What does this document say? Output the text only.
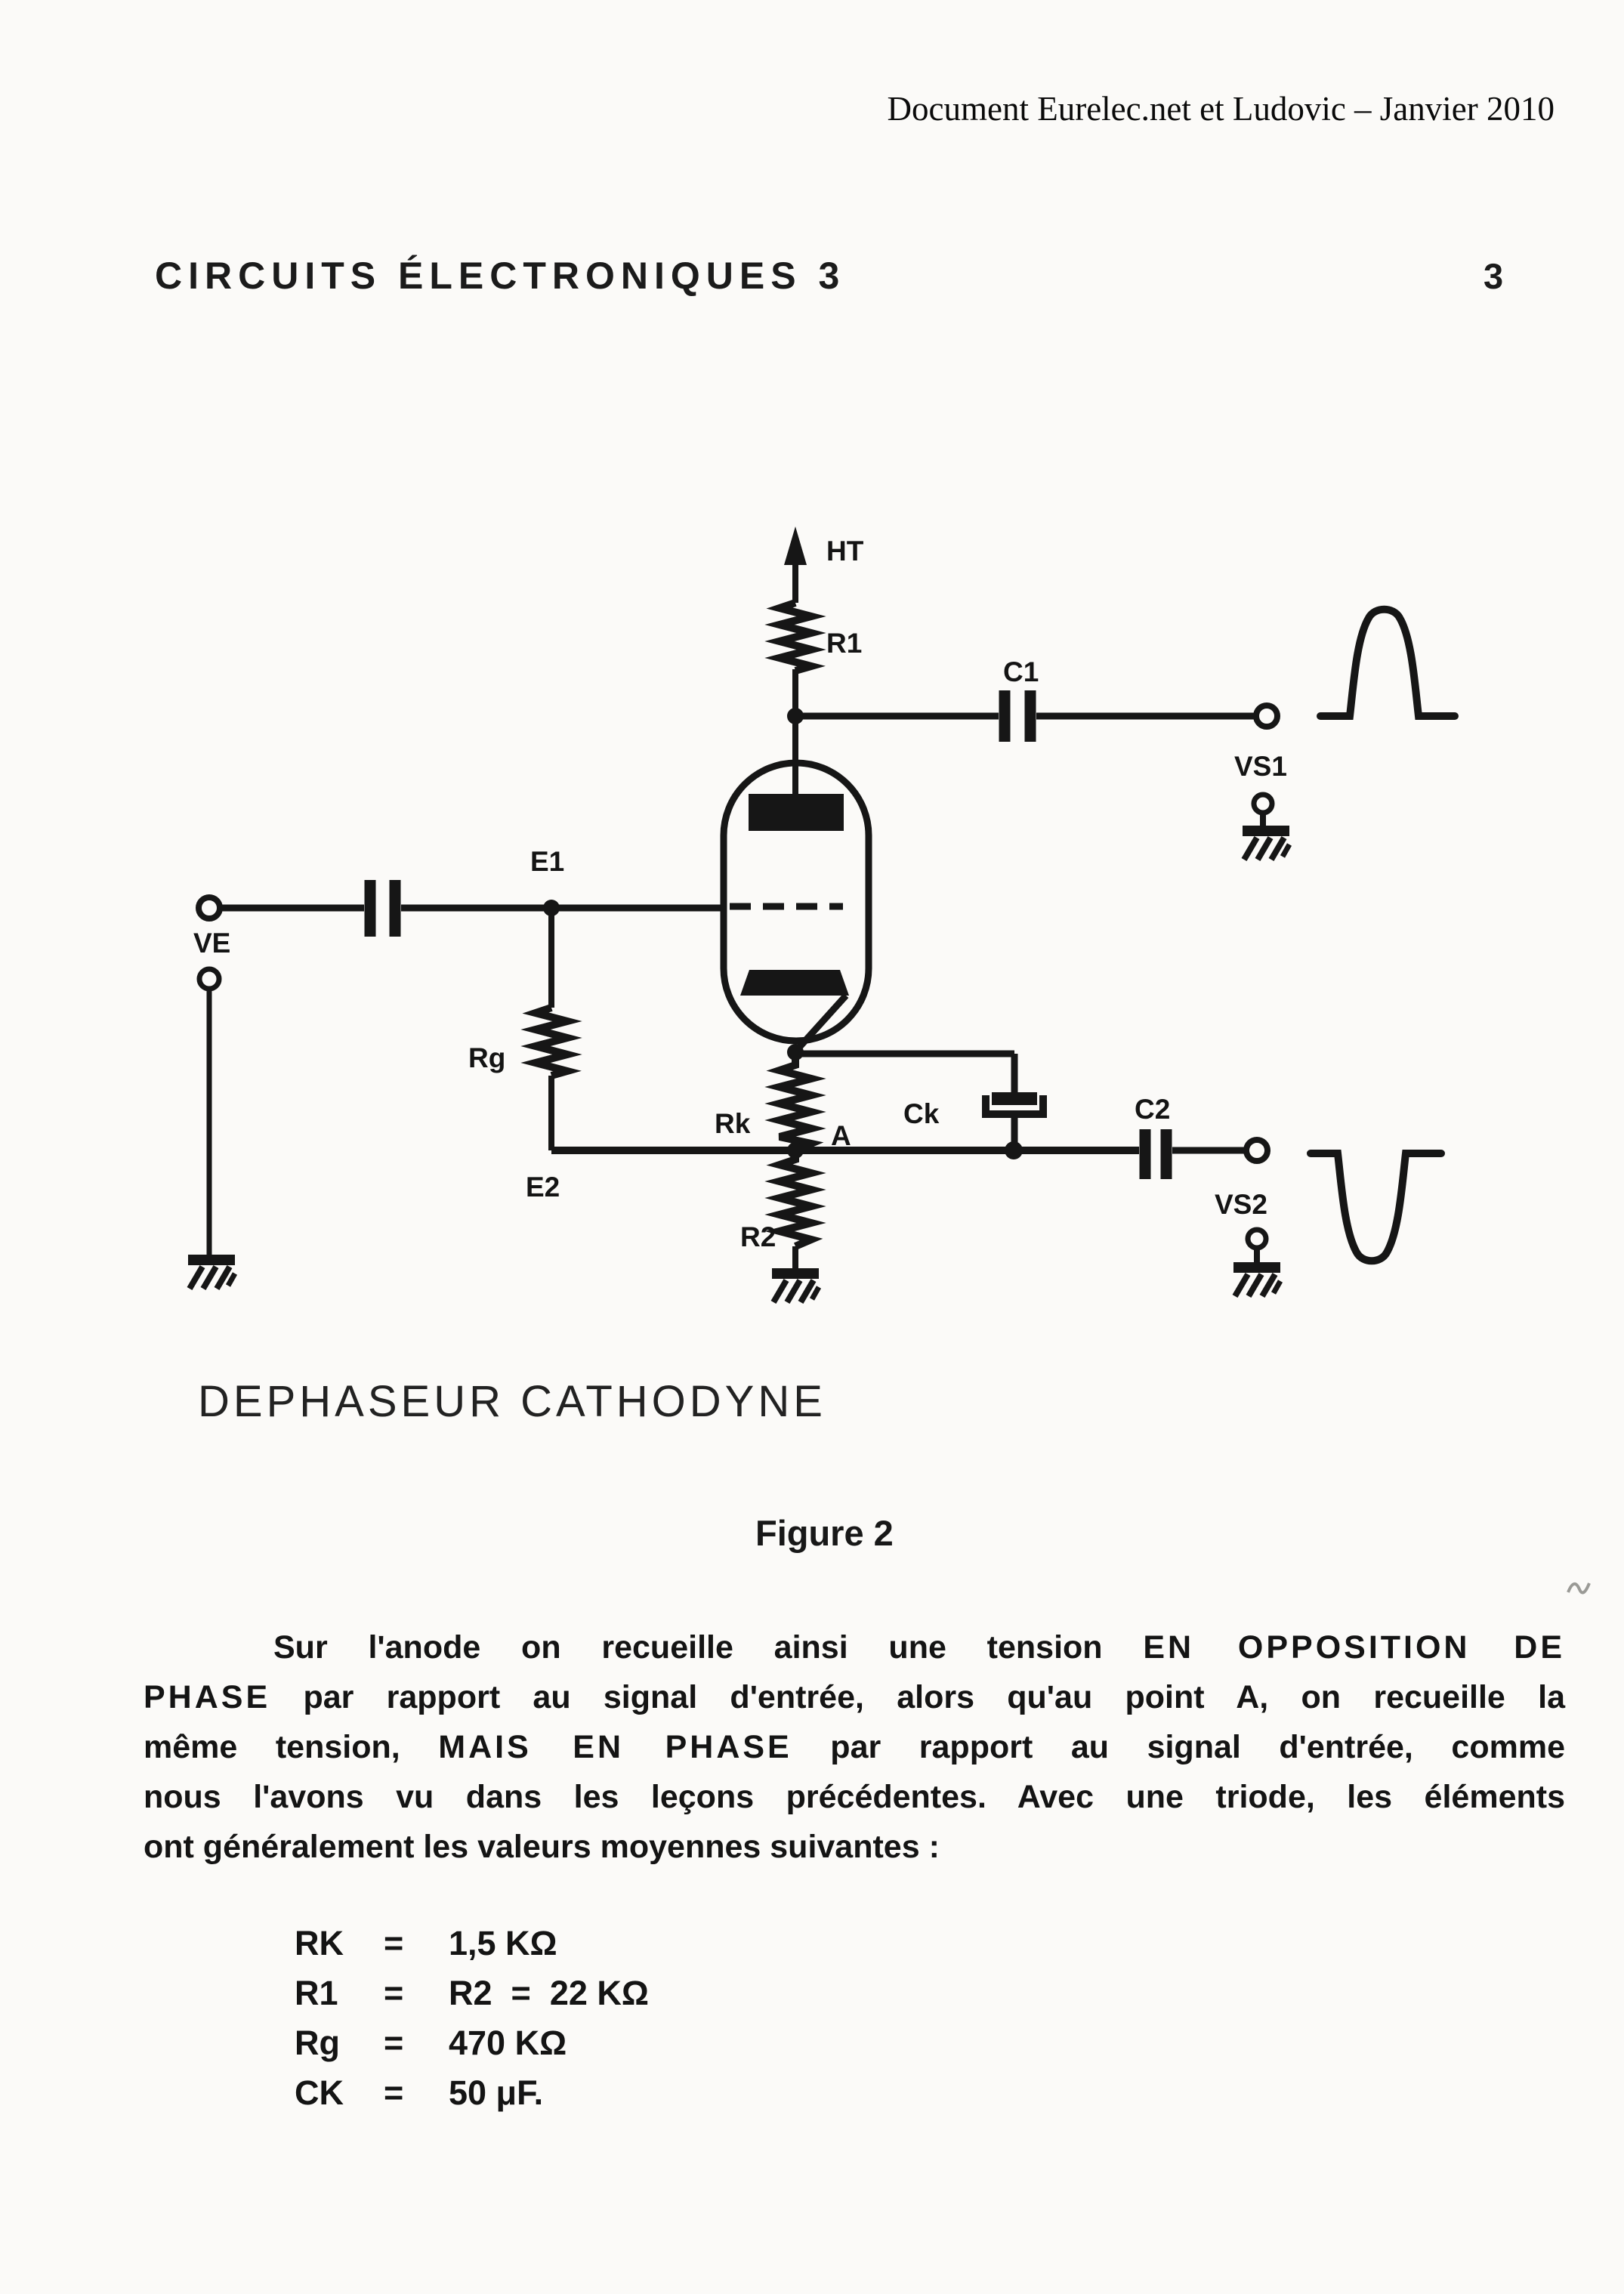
Document Eurelec.net et Ludovic – Janvier 2010
CIRCUITS ÉLECTRONIQUES 3	3
HT
R1
C1
VS1
VE
E1
Rg
Ck
Rk	A
E2
C2
VS2
R2
DEPHASEUR CATHODYNE
Figure 2
Sur l'anode on recueille ainsi une tension EN OPPOSITION DE
PHASE par rapport au signal d'entrée, alors qu'au point A, on recueille la
même tension, MAIS EN PHASE par rapport au signal d'entrée, comme
nous l'avons vu dans les leçons précédentes. Avec une triode, les éléments
ont généralement les valeurs moyennes suivantes :
RK	=	1,5 KΩ
R1	=	R2  =  22 KΩ
Rg	=	470 KΩ
CK	=	50 μF.
